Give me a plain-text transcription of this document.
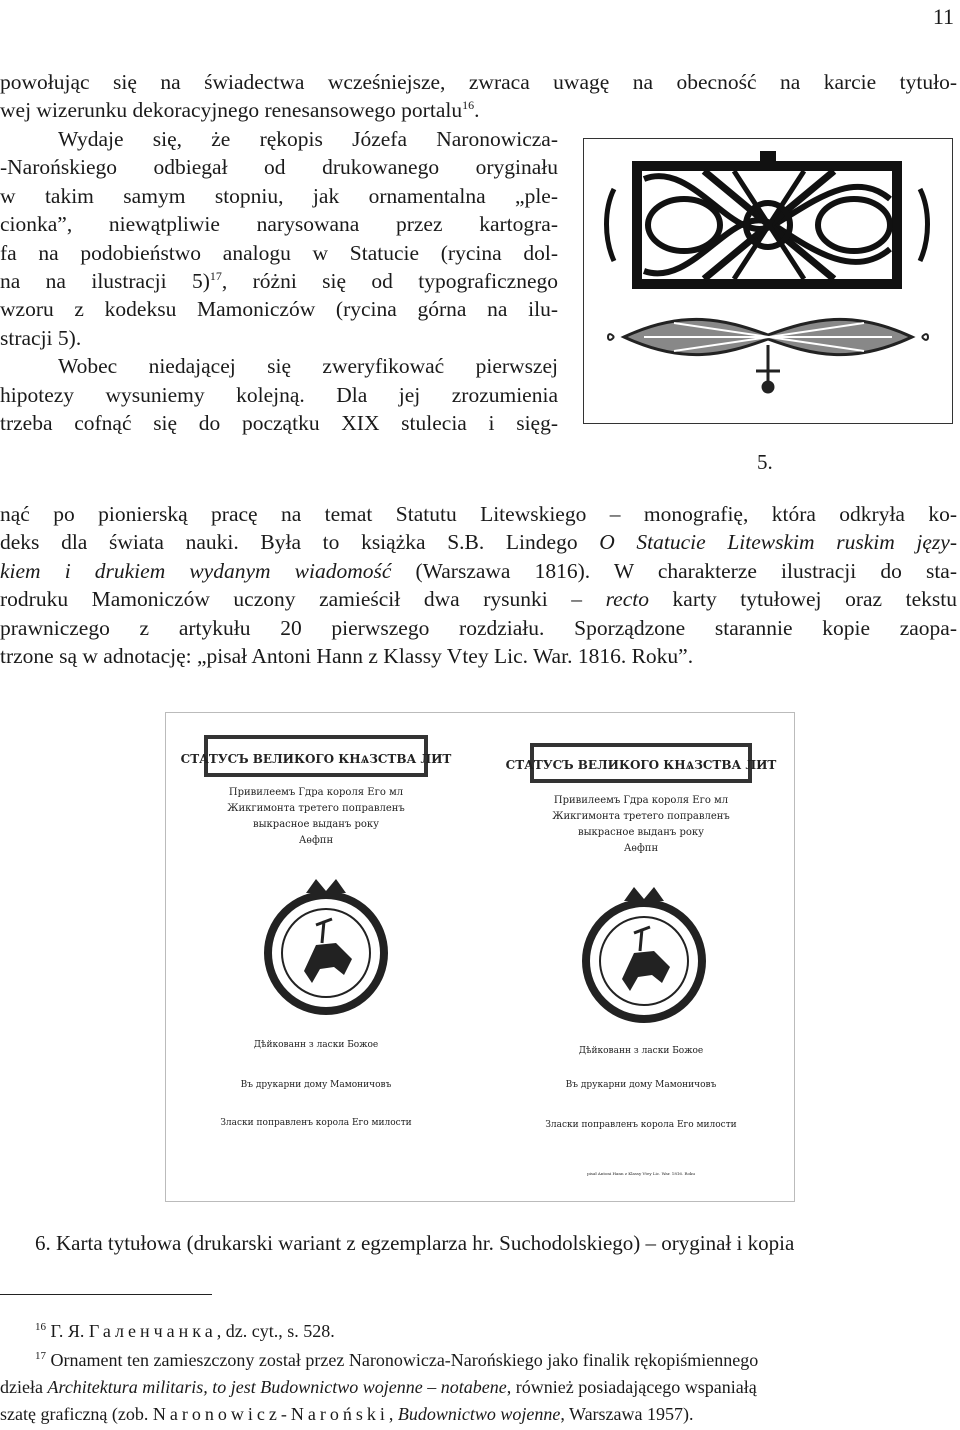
11
powołując się na świadectwa wcześniejsze, zwraca uwagę na obecność na karcie tytuło-
wej wizerunku dekoracyjnego renesansowego portalu$^{16}$.
Wydaje się, że rękopis Józefa Naronowicza-
-Narońskiego odbiegał od drukowanego oryginału
w takim samym stopniu, jak ornamentalna „ple-
cionka”, niewątpliwie narysowana przez kartogra-
fa na podobieństwo analogu w Statucie (rycina dol-
na na ilustracji 5)$^{17}$, różni się od typograficznego
wzoru z kodeksu Mamoniczów (rycina górna na ilu-
stracji 5).
Wobec niedającej się zweryfikować pierwszej
hipotezy wysuniemy kolejną. Dla jej zrozumienia
trzeba cofnąć się do początku XIX stulecia i sięg-
nąć po pionierską pracę na temat Statutu Litewskiego – monografię, która odkryła ko-
deks dla świata nauki. Była to książka S.B. Lindego O Statucie Litewskim ruskim języ-
kiem i drukiem wydanym wiadomość (Warszawa 1816). W charakterze ilustracji do sta-
rodruku Mamoniczów uczony zamieścił dwa rysunki – recto karty tytułowej oraz tekstu
prawniczego z artykułu 20 pierwszego rozdziału. Sporządzone starannie kopie zaopa-
trzone są w adnotację: „pisał Antoni Hann z Klassy Vtey Lic. War. 1816. Roku”.
5.
СТАТУСЪ ВЕЛИКОГО КНѦЗСТВА ЛИТ
Привилеемъ Гдра короля Его мл
Жикгимонта третего поправленъ
выкрасное выданъ року
Аѳфпн
Дѣйкованн з ласки Божое
Въ друкарни дому Мамоничовъ
Зласки поправленъ корола Его милости
СТАТУСЪ ВЕЛИКОГО КНѦЗСТВА ЛИТ
Привилеемъ Гдра короля Его мл
Жикгимонта третего поправленъ
выкрасное выданъ року
Аѳфпн
Дѣйкованн з ласки Божое
Въ друкарни дому Мамоничовъ
Зласки поправленъ корола Его милости
pisał Antoni Hann z Klassy Vtey Lic. War. 1816. Roku
6. Karta tytułowa (drukarski wariant z egzemplarza hr. Suchodolskiego) – oryginał i kopia
$^{16}$ Г. Я. Галенчанка, dz. cyt., s. 528.
$^{17}$ Ornament ten zamieszczony został przez Naronowicza-Narońskiego jako finalik rękopiśmiennego
dzieła Architektura militaris, to jest Budownictwo wojenne – notabene, również posiadającego wspaniałą
szatę graficzną (zob. Naronowicz-Naroński, Budownictwo wojenne, Warszawa 1957).
